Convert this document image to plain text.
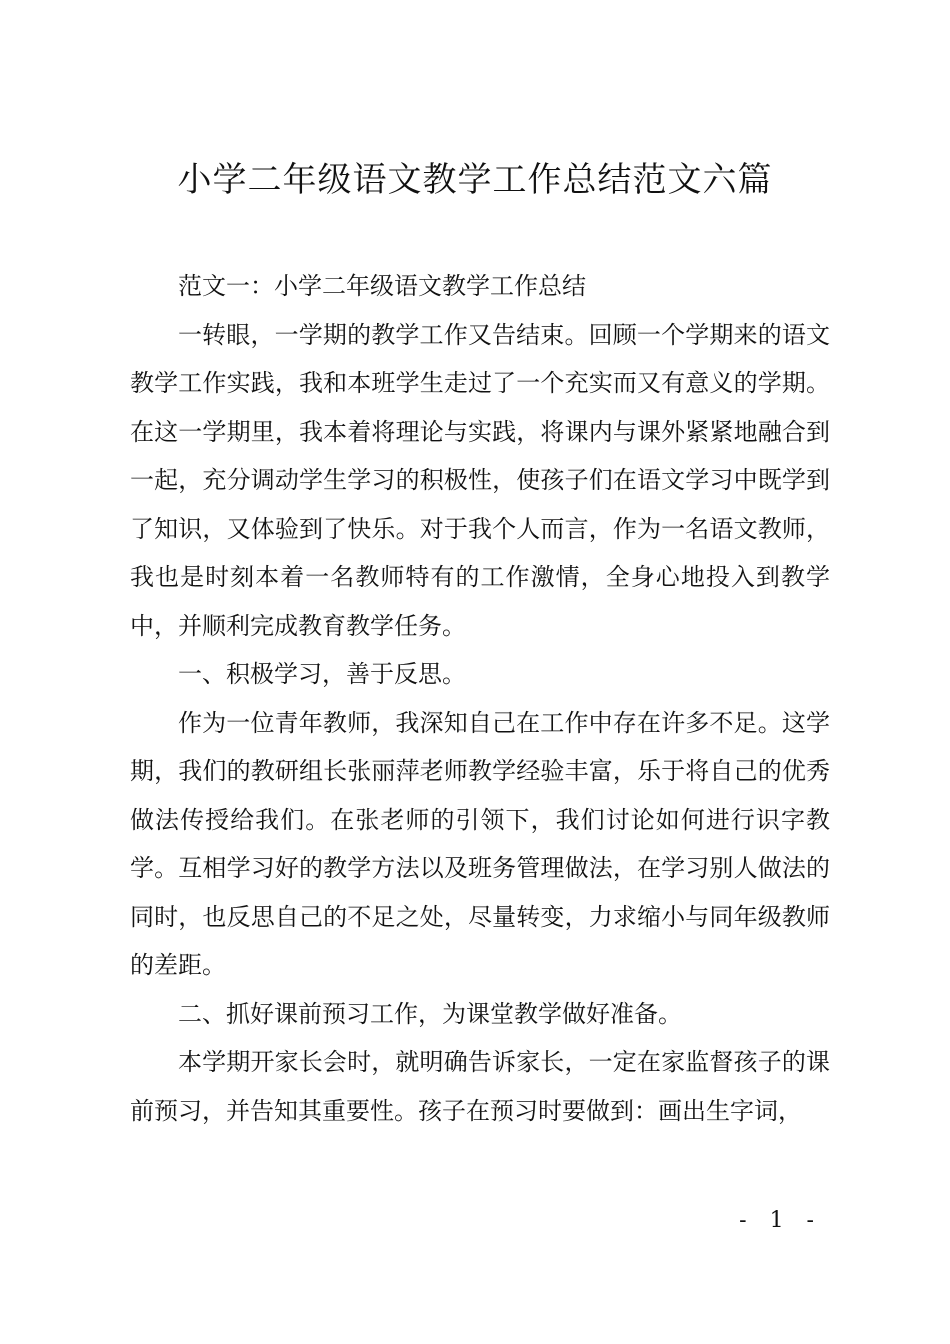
小学二年级语文教学工作总结范文六篇

范文一：小学二年级语文教学工作总结

一转眼，一学期的教学工作又告结束。回顾一个学期来的语文教学工作实践，我和本班学生走过了一个充实而又有意义的学期。在这一学期里，我本着将理论与实践，将课内与课外紧紧地融合到一起，充分调动学生学习的积极性，使孩子们在语文学习中既学到了知识，又体验到了快乐。对于我个人而言，作为一名语文教师，我也是时刻本着一名教师特有的工作激情，全身心地投入到教学中，并顺利完成教育教学任务。

一、积极学习，善于反思。

作为一位青年教师，我深知自己在工作中存在许多不足。这学期，我们的教研组长张丽萍老师教学经验丰富，乐于将自己的优秀做法传授给我们。在张老师的引领下，我们讨论如何进行识字教学。互相学习好的教学方法以及班务管理做法，在学习别人做法的同时，也反思自己的不足之处，尽量转变，力求缩小与同年级教师的差距。

二、抓好课前预习工作，为课堂教学做好准备。

本学期开家长会时，就明确告诉家长，一定在家监督孩子的课前预习，并告知其重要性。孩子在预习时要做到：画出生字词，

- 1 -
